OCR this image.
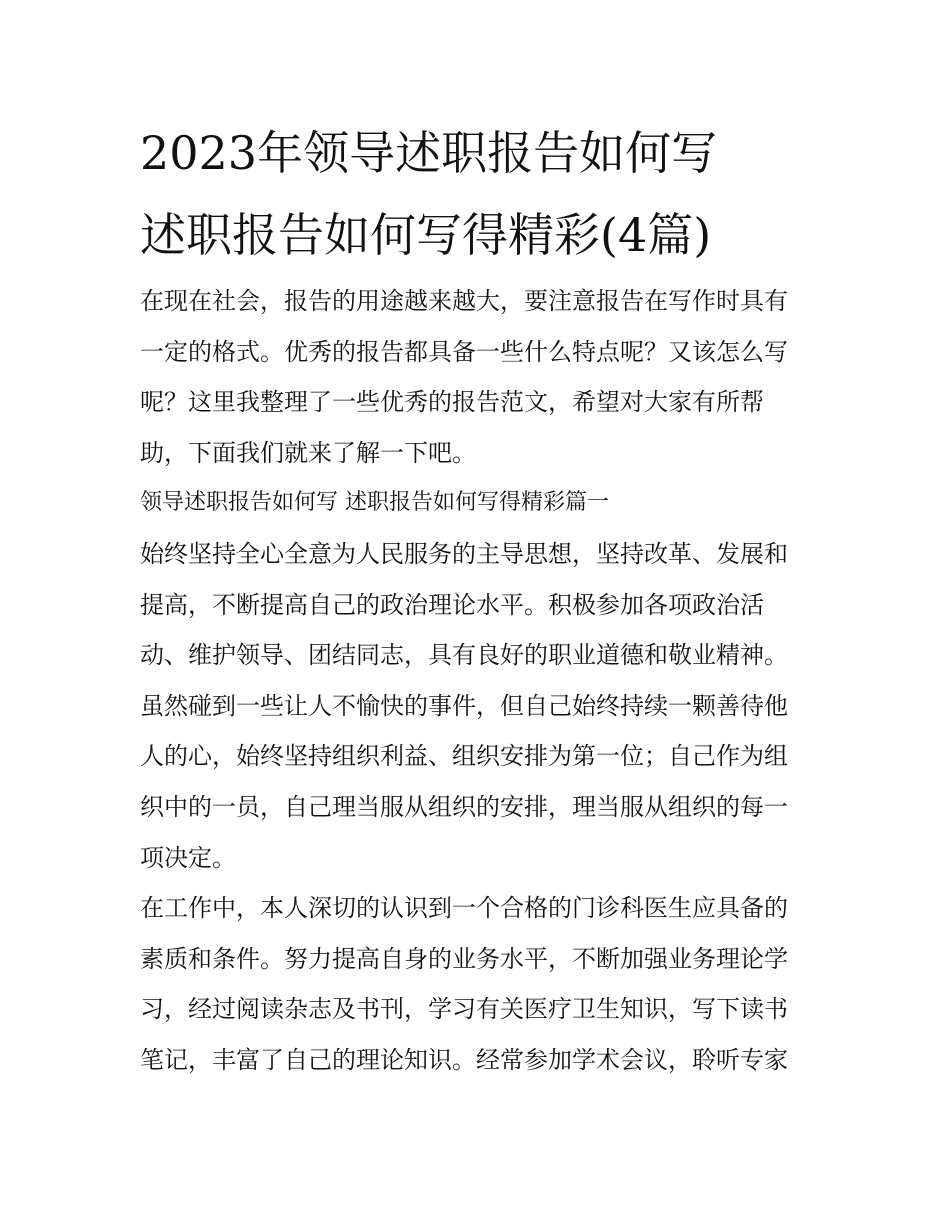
2023年领导述职报告如何写
述职报告如何写得精彩(4篇)
在现在社会，报告的用途越来越大，要注意报告在写作时具有
一定的格式。优秀的报告都具备一些什么特点呢？又该怎么写
呢？这里我整理了一些优秀的报告范文，希望对大家有所帮
助，下面我们就来了解一下吧。
领导述职报告如何写 述职报告如何写得精彩篇一
始终坚持全心全意为人民服务的主导思想，坚持改革、发展和
提高，不断提高自己的政治理论水平。积极参加各项政治活
动、维护领导、团结同志，具有良好的职业道德和敬业精神。
虽然碰到一些让人不愉快的事件，但自己始终持续一颗善待他
人的心，始终坚持组织利益、组织安排为第一位；自己作为组
织中的一员，自己理当服从组织的安排，理当服从组织的每一
项决定。
在工作中，本人深切的认识到一个合格的门诊科医生应具备的
素质和条件。努力提高自身的业务水平，不断加强业务理论学
习，经过阅读杂志及书刊，学习有关医疗卫生知识，写下读书
笔记，丰富了自己的理论知识。经常参加学术会议，聆听专家
